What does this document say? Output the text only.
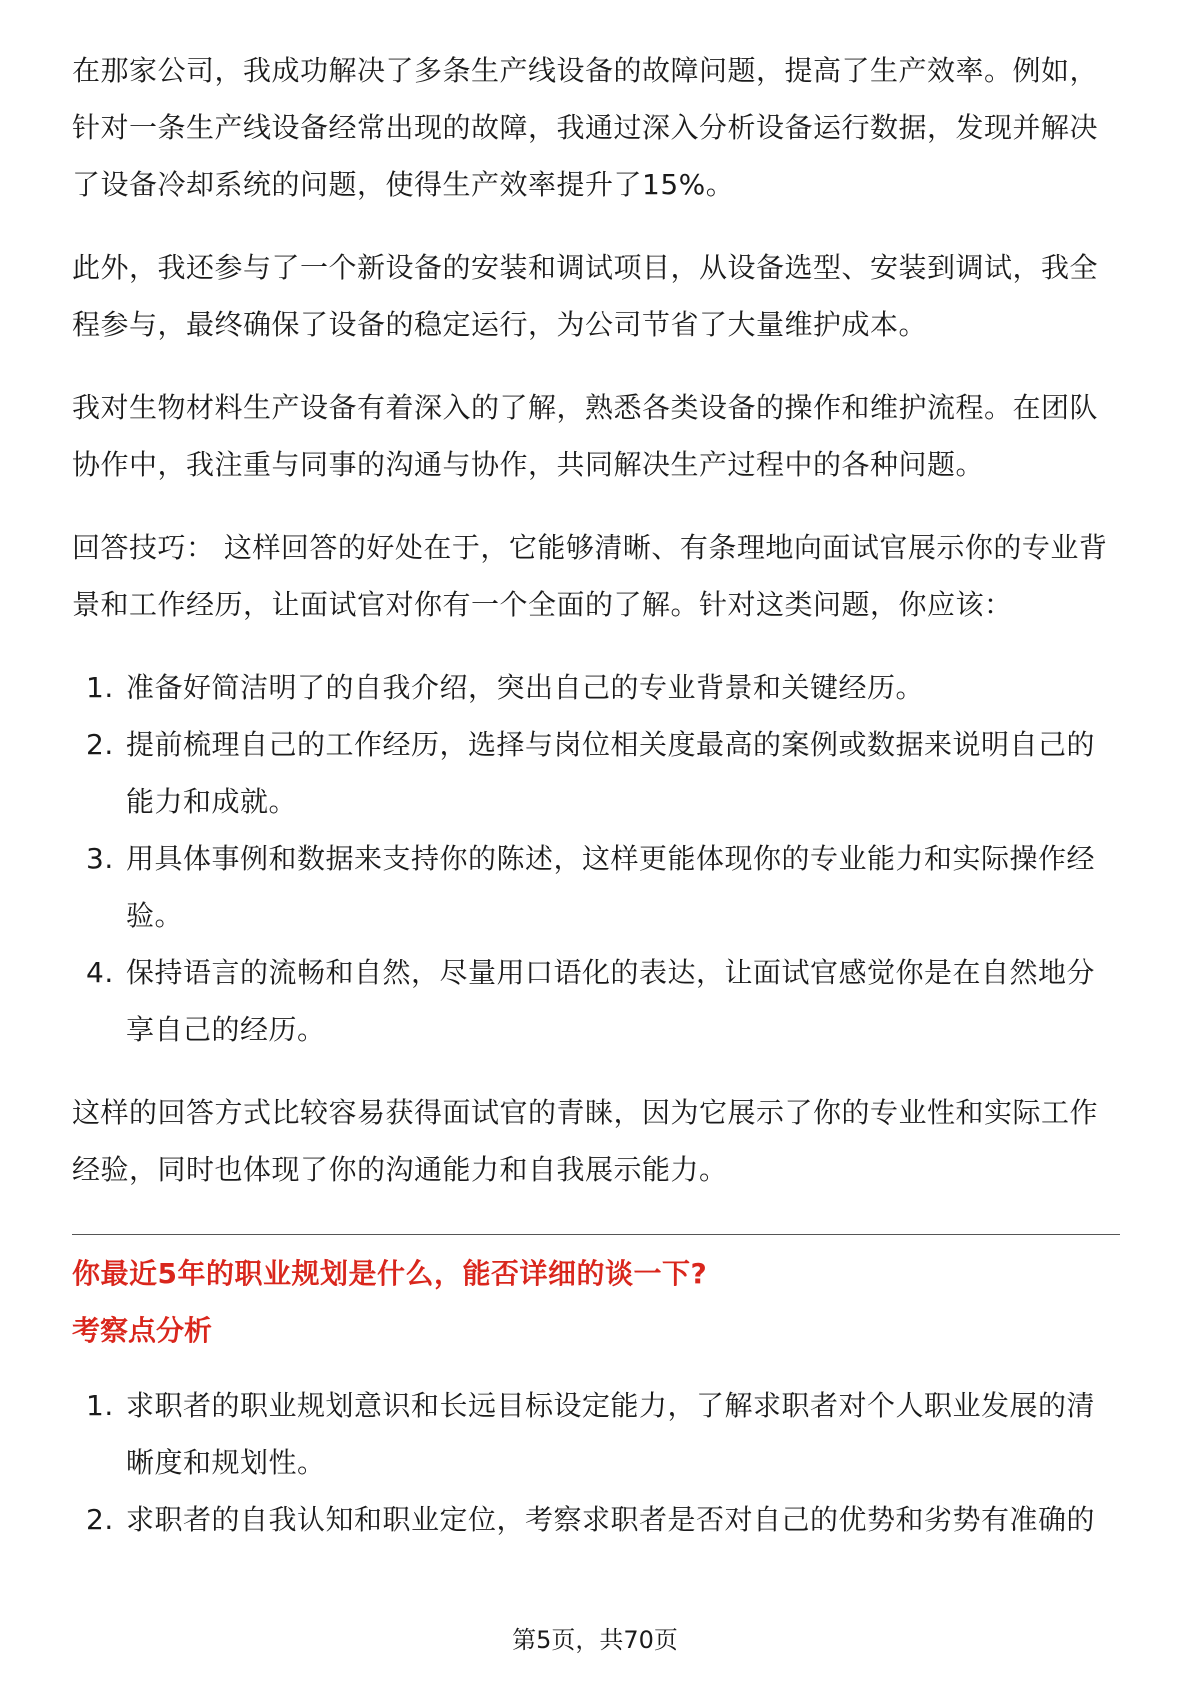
在那家公司，我成功解决了多条生产线设备的故障问题，提高了生产效率。例如，针对一条生产线设备经常出现的故障，我通过深入分析设备运行数据，发现并解决了设备冷却系统的问题，使得生产效率提升了15%。

此外，我还参与了一个新设备的安装和调试项目，从设备选型、安装到调试，我全程参与，最终确保了设备的稳定运行，为公司节省了大量维护成本。

我对生物材料生产设备有着深入的了解，熟悉各类设备的操作和维护流程。在团队协作中，我注重与同事的沟通与协作，共同解决生产过程中的各种问题。

回答技巧： 这样回答的好处在于，它能够清晰、有条理地向面试官展示你的专业背景和工作经历，让面试官对你有一个全面的了解。针对这类问题，你应该：

1. 准备好简洁明了的自我介绍，突出自己的专业背景和关键经历。
2. 提前梳理自己的工作经历，选择与岗位相关度最高的案例或数据来说明自己的能力和成就。
3. 用具体事例和数据来支持你的陈述，这样更能体现你的专业能力和实际操作经验。
4. 保持语言的流畅和自然，尽量用口语化的表达，让面试官感觉你是在自然地分享自己的经历。

这样的回答方式比较容易获得面试官的青睐，因为它展示了你的专业性和实际工作经验，同时也体现了你的沟通能力和自我展示能力。

你最近5年的职业规划是什么，能否详细的谈一下?

考察点分析

1. 求职者的职业规划意识和长远目标设定能力，了解求职者对个人职业发展的清晰度和规划性。
2. 求职者的自我认知和职业定位，考察求职者是否对自己的优势和劣势有准确的
第5页，共70页
